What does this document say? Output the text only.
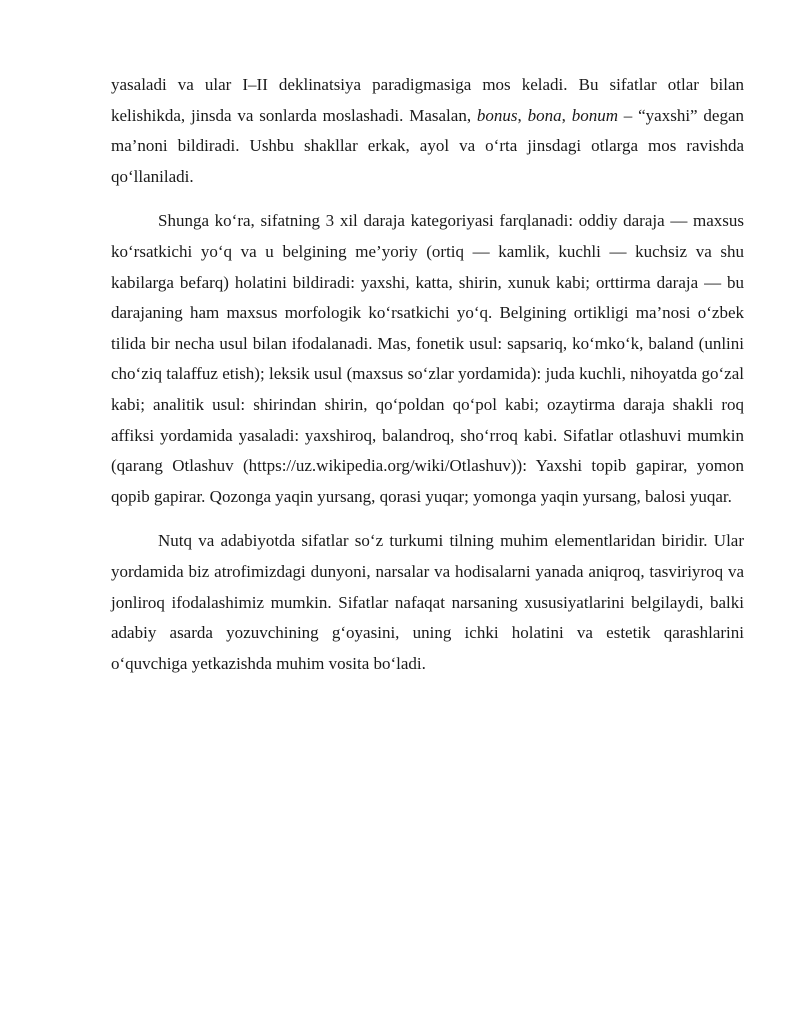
yasaladi va ular I–II deklinatsiya paradigmasiga mos keladi. Bu sifatlar otlar bilan kelishikda, jinsda va sonlarda moslashadi. Masalan, bonus, bona, bonum – “yaxshi” degan ma’noni bildiradi. Ushbu shakllar erkak, ayol va o‘rta jinsdagi otlarga mos ravishda qo‘llaniladi.

Shunga ko‘ra, sifatning 3 xil daraja kategoriyasi farqlanadi: oddiy daraja — maxsus ko‘rsatkichi yo‘q va u belgining me’yoriy (ortiq — kamlik, kuchli — kuchsiz va shu kabilarga befarq) holatini bildiradi: yaxshi, katta, shirin, xunuk kabi; orttirma daraja — bu darajaning ham maxsus morfologik ko‘rsatkichi yo‘q. Belgining ortikligi ma’nosi o‘zbek tilida bir necha usul bilan ifodalanadi. Mas, fonetik usul: sapsariq, ko‘mko‘k, baland (unlini cho‘ziq talaffuz etish); leksik usul (maxsus so‘zlar yordamida): juda kuchli, nihoyatda go‘zal kabi; analitik usul: shirindan shirin, qo‘poldan qo‘pol kabi; ozaytirma daraja shakli roq affiksi yordamida yasaladi: yaxshiroq, balandroq, sho‘rroq kabi. Sifatlar otlashuvi mumkin (qarang Otlashuv (https://uz.wikipedia.org/wiki/Otlashuv)): Yaxshi topib gapirar, yomon qopib gapirar. Qozonga yaqin yursang, qorasi yuqar; yomonga yaqin yursang, balosi yuqar.

Nutq va adabiyotda sifatlar so‘z turkumi tilning muhim elementlaridan biridir. Ular yordamida biz atrofimizdagi dunyoni, narsalar va hodisalarni yanada aniqroq, tasviriyroq va jonliroq ifodalashimiz mumkin. Sifatlar nafaqat narsaning xususiyatlarini belgilaydi, balki adabiy asarda yozuvchining g‘oyasini, uning ichki holatini va estetik qarashlarini o‘quvchiga yetkazishda muhim vosita bo‘ladi.
